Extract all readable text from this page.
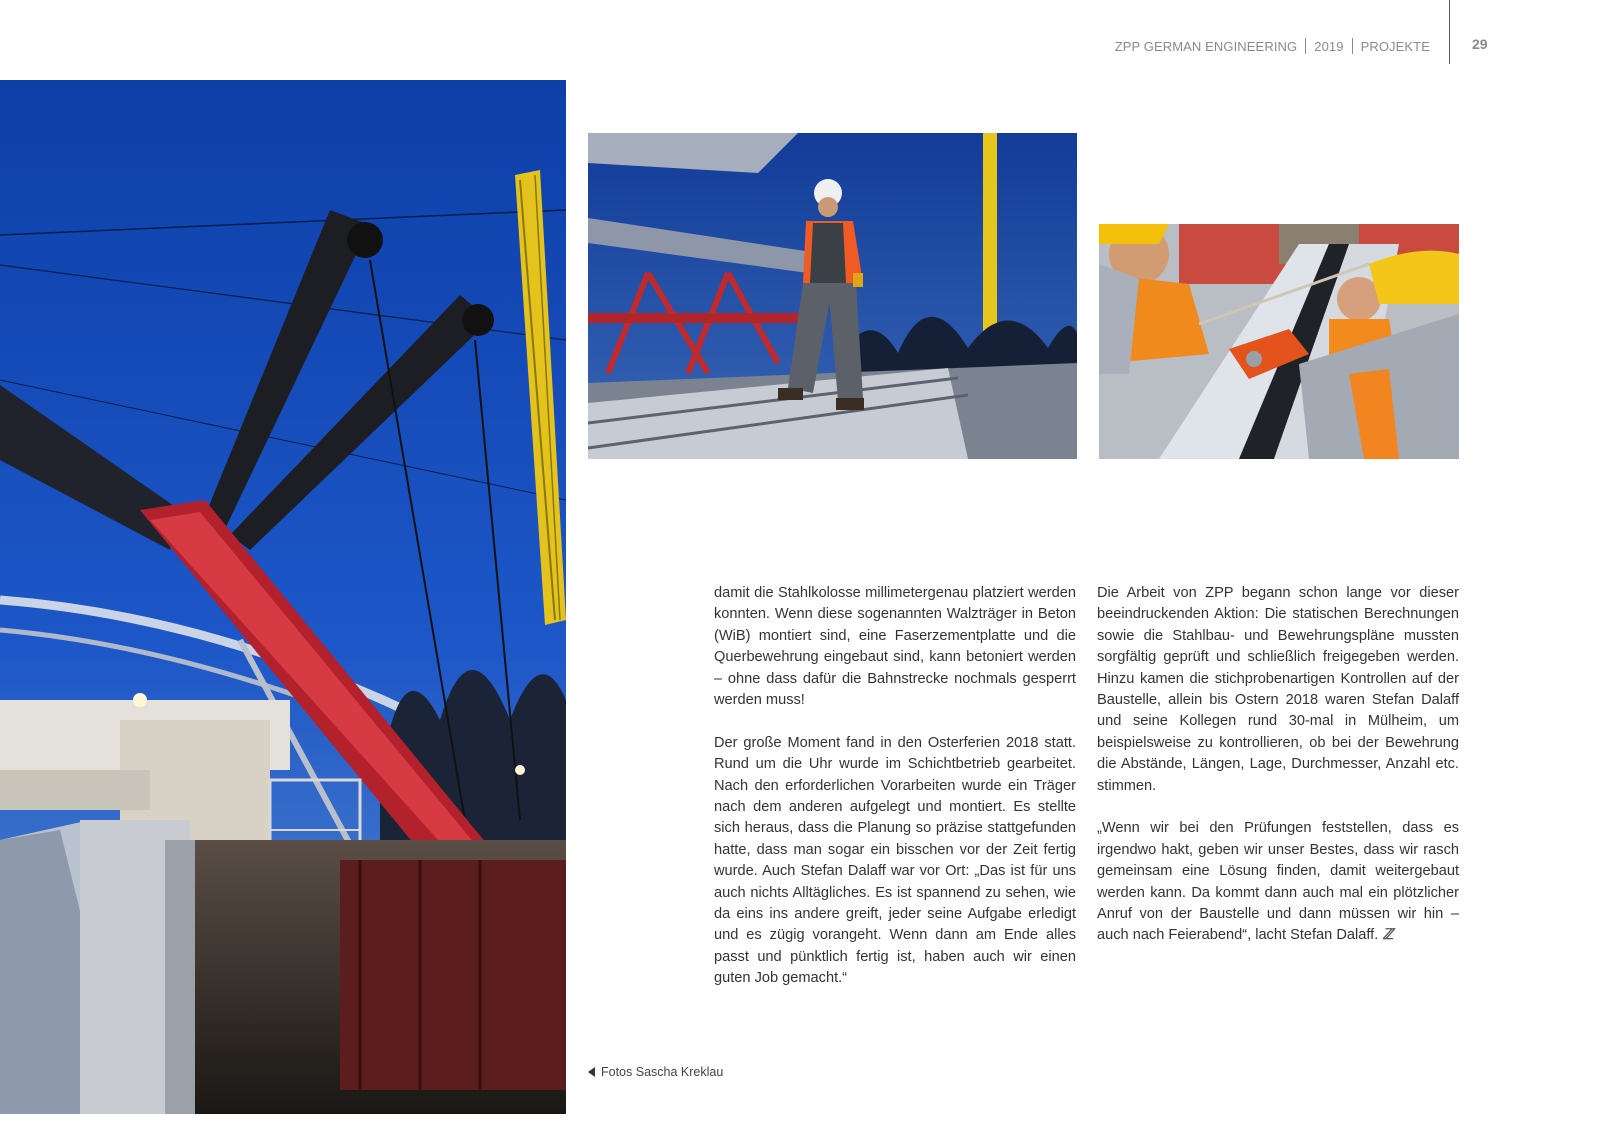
ZPP GERMAN ENGINEERING 2019 PROJEKTE	29

damit die Stahlkolosse millimetergenau platziert werden konnten. Wenn diese sogenannten Walzträger in Beton (WiB) montiert sind, eine Faserzementplatte und die Querbewehrung eingebaut sind, kann betoniert werden – ohne dass dafür die Bahnstrecke nochmals gesperrt werden muss!

Der große Moment fand in den Osterferien 2018 statt. Rund um die Uhr wurde im Schichtbetrieb gearbeitet. Nach den erforderlichen Vorarbeiten wurde ein Träger nach dem anderen aufgelegt und montiert. Es stellte sich heraus, dass die Planung so präzise stattgefunden hatte, dass man sogar ein bisschen vor der Zeit fertig wurde. Auch Stefan Dalaff war vor Ort: „Das ist für uns auch nichts Alltägliches. Es ist spannend zu sehen, wie da eins ins andere greift, jeder seine Aufgabe erledigt und es zügig vorangeht. Wenn dann am Ende alles passt und pünktlich fertig ist, haben auch wir einen guten Job gemacht.“

Die Arbeit von ZPP begann schon lange vor dieser beeindruckenden Aktion: Die statischen Berechnungen sowie die Stahlbau- und Bewehrungspläne mussten sorgfältig geprüft und schließlich freigegeben werden. Hinzu kamen die stichprobenartigen Kontrollen auf der Baustelle, allein bis Ostern 2018 waren Stefan Dalaff und seine Kollegen rund 30-mal in Mülheim, um beispielsweise zu kontrollieren, ob bei der Bewehrung die Abstände, Längen, Lage, Durchmesser, Anzahl etc. stimmen.

„Wenn wir bei den Prüfungen feststellen, dass es irgendwo hakt, geben wir unser Bestes, dass wir rasch gemeinsam eine Lösung finden, damit weitergebaut werden kann. Da kommt dann auch mal ein plötzlicher Anruf von der Baustelle und dann müssen wir hin – auch nach Feierabend“, lacht Stefan Dalaff. ℤ

Fotos Sascha Kreklau
